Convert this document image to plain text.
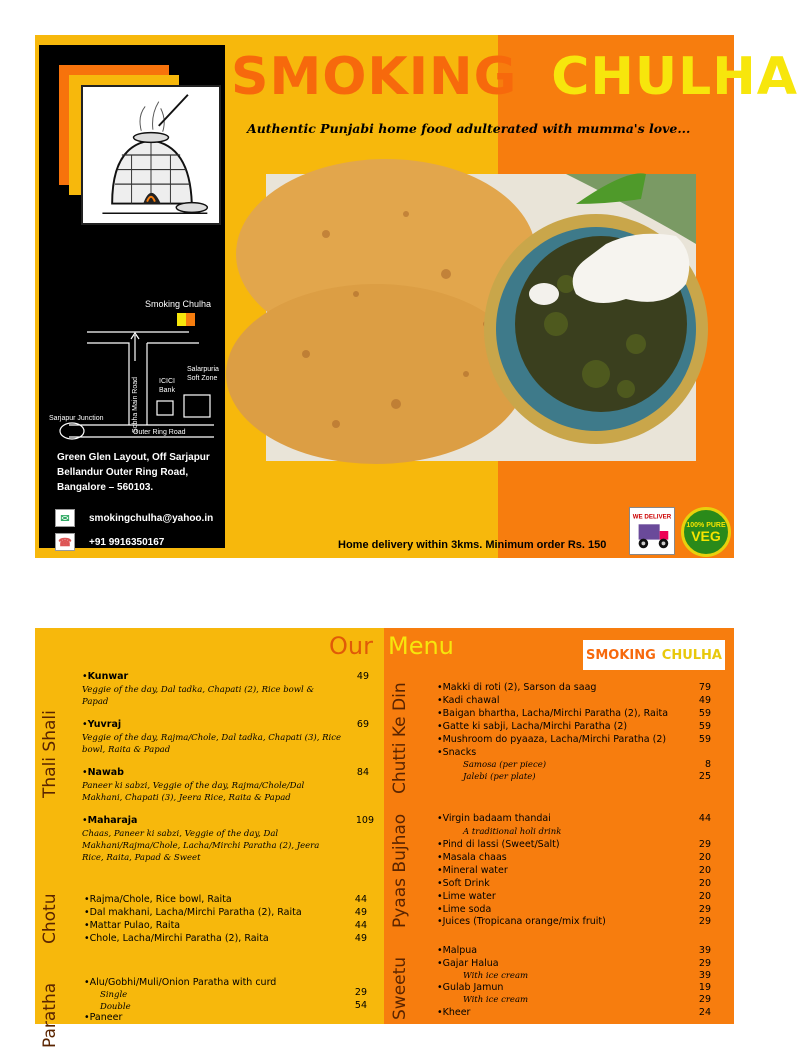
Smoking Chulha
Sobha Main Road	ICICI Bank
Salarpuria Soft Zone
Sarjapur Junction
Outer Ring Road
Green Glen Layout, Off Sarjapur
Bellandur Outer Ring Road,
Bangalore – 560103.
✉	smokingchulha@yahoo.in
☎	+91 9916350167
SMOKING CHULHA
Authentic Punjabi home food adulterated with mumma's love...
Home delivery within 3kms. Minimum order Rs. 150
WE DELIVER
100% PURE
VEG
Our Menu	SMOKING CHULHA
Thali Shali
Chotu
Paratha
Chutti Ke Din
Pyaas Bujhao
Sweetu
•Kunwar
Veggie of the day, Dal tadka, Chapati (2), Rice bowl & Papad
49
•Yuvraj
Veggie of the day, Rajma/Chole, Dal tadka, Chapati (3), Rice bowl, Raita & Papad
69
•Nawab
Paneer ki sabzi, Veggie of the day, Rajma/Chole/Dal Makhani, Chapati (3), Jeera Rice, Raita & Papad
84
•Maharaja
Chaas, Paneer ki sabzi, Veggie of the day, Dal Makhani/Rajma/Chole, Lacha/Mirchi Paratha (2), Jeera Rice, Raita, Papad & Sweet
109
•Rajma/Chole, Rice bowl, Raita	44
•Dal makhani, Lacha/Mirchi Paratha (2), Raita	49
•Mattar Pulao, Raita	44
•Chole, Lacha/Mirchi Paratha (2), Raita	49
•Alu/Gobhi/Muli/Onion Paratha with curd
Single	29
Double	54
•Paneer
•Makki di roti (2), Sarson da saag	79
•Kadi chawal	49
•Baigan bhartha, Lacha/Mirchi Paratha (2), Raita	59
•Gatte ki sabji, Lacha/Mirchi Paratha (2)	59
•Mushroom do pyaaza, Lacha/Mirchi Paratha (2)	59
•Snacks
Samosa (per piece)	8
Jalebi (per plate)	25
•Virgin badaam thandai	44
A traditional holi drink
•Pind di lassi (Sweet/Salt)	29
•Masala chaas	20
•Mineral water	20
•Soft Drink	20
•Lime water	20
•Lime soda	29
•Juices (Tropicana orange/mix fruit)	29
•Malpua	39
•Gajar Halua	29
With ice cream	39
•Gulab Jamun	19
With ice cream	29
•Kheer	24
